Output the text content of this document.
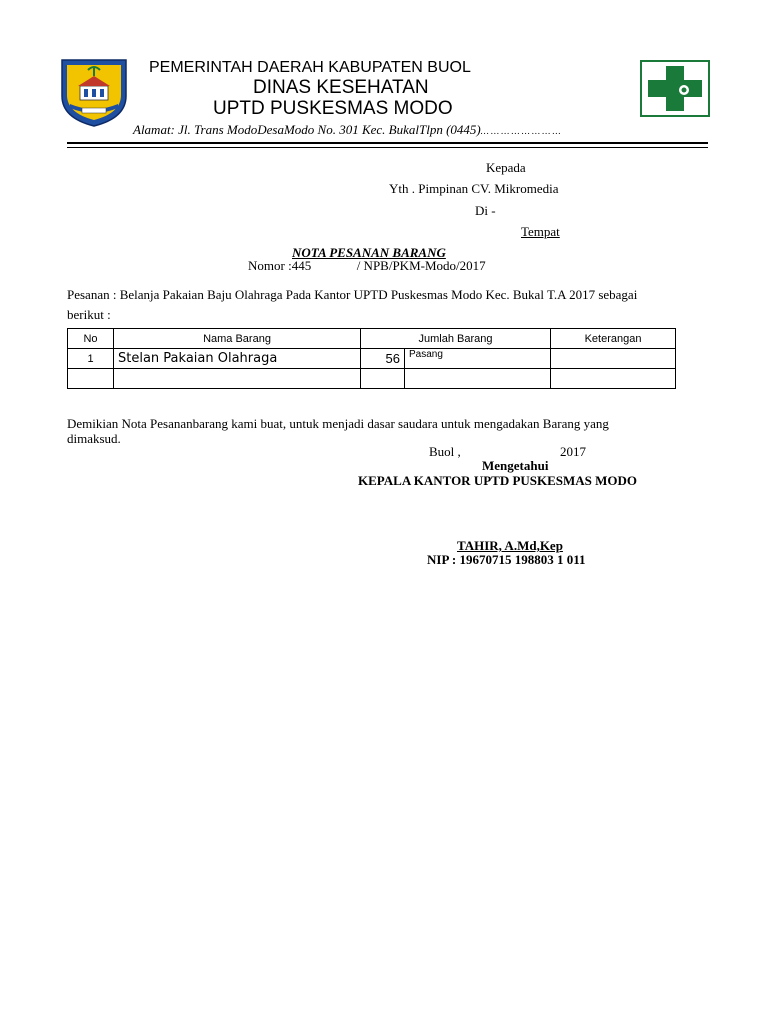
PEMERINTAH DAERAH KABUPATEN BUOL
DINAS KESEHATAN
UPTD PUSKESMAS MODO
Alamat: Jl. Trans ModoDesaModo No. 301 Kec. BukalTlpn (0445)… … … … … … … …
Kepada
Yth . Pimpinan CV. Mikromedia
Di -
Tempat
NOTA PESANAN BARANG
Nomor :445              / NPB/PKM-Modo/2017
Pesanan : Belanja Pakaian Baju Olahraga Pada Kantor UPTD Puskesmas Modo Kec. Bukal T.A 2017 sebagai
berikut :
No	Nama Barang	Jumlah Barang		Keterangan
1	Stelan Pakaian Olahraga	56	Pasang	

Demikian Nota Pesananbarang kami buat, untuk menjadi dasar saudara untuk mengadakan Barang yang
dimaksud.
Buol ,	2017
Mengetahui
KEPALA KANTOR UPTD PUSKESMAS MODO
TAHIR, A.Md,Kep
NIP : 19670715 198803 1 011
